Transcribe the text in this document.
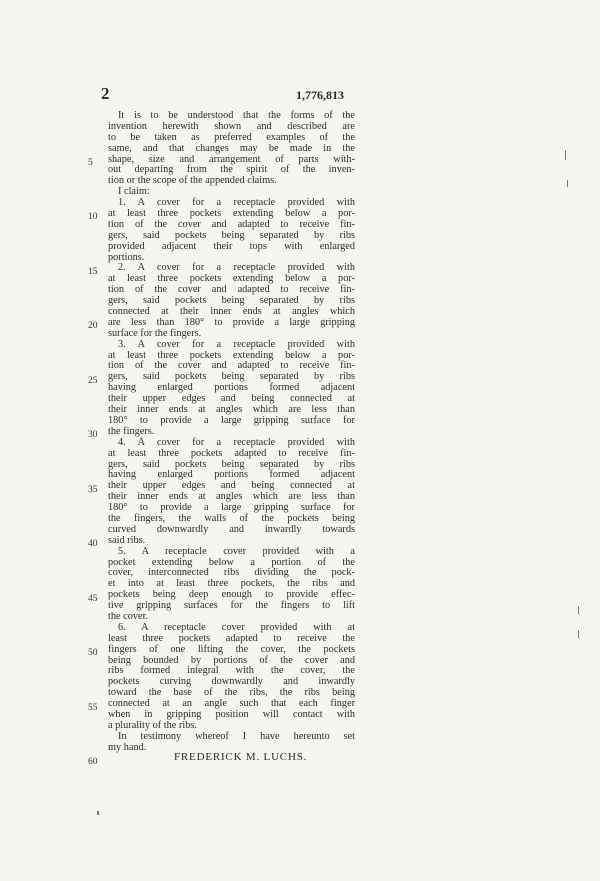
2	1,776,813
It is to be understood that the forms of the
invention herewith shown and described are
to be taken as preferred examples of the
same, and that changes may be made in the
shape, size and arrangement of parts with-
out departing from the spirit of the inven-
tion or the scope of the appended claims.
I claim:
1. A cover for a receptacle provided with
at least three pockets extending below a por-
tion of the cover and adapted to receive fin-
gers, said pockets being separated by ribs
provided adjacent their tops with enlarged
portions.
2. A cover for a receptacle provided with
at least three pockets extending below a por-
tion of the cover and adapted to receive fin-
gers, said pockets being separated by ribs
connected at their inner ends at angles which
are less than 180° to provide a large gripping
surface for the fingers.
3. A cover for a receptacle provided with
at least three pockets extending below a por-
tion of the cover and adapted to receive fin-
gers, said pockets being separated by ribs
having enlarged portions formed adjacent
their upper edges and being connected at
their inner ends at angles which are less than
180° to provide a large gripping surface for
the fingers.
4. A cover for a receptacle provided with
at least three pockets adapted to receive fin-
gers, said pockets being separated by ribs
having enlarged portions formed adjacent
their upper edges and being connected at
their inner ends at angles which are less than
180° to provide a large gripping surface for
the fingers, the walls of the pockets being
curved downwardly and inwardly towards
said ribs.
5. A receptacle cover provided with a
pocket extending below a portion of the
cover, interconnected ribs dividing the pock-
et into at least three pockets, the ribs and
pockets being deep enough to provide effec-
tive gripping surfaces for the fingers to lift
the cover.
6. A receptacle cover provided with at
least three pockets adapted to receive the
fingers of one lifting the cover, the pockets
being bounded by portions of the cover and
ribs formed integral with the cover, the
pockets curving downwardly and inwardly
toward the base of the ribs, the ribs being
connected at an angle such that each finger
when in gripping position will contact with
a plurality of the ribs.
In testimony whereof I have hereunto set
my hand.
5
10
15
20
25
30
35
40
45
50
55
60	FREDERICK M. LUCHS.
